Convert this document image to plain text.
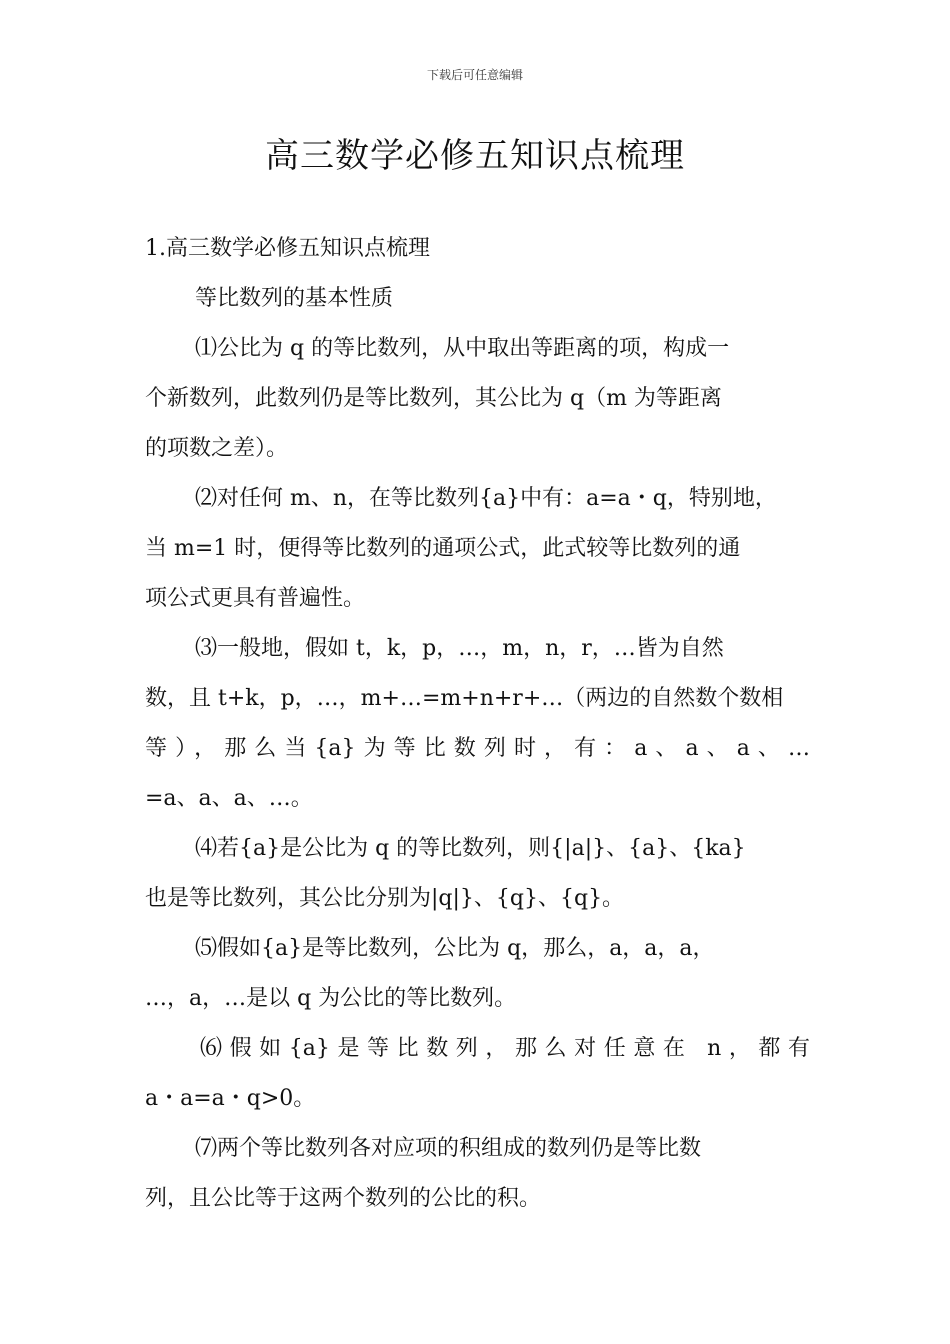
下载后可任意编辑
高三数学必修五知识点梳理
1.高三数学必修五知识点梳理
等比数列的基本性质
⑴公比为 q 的等比数列，从中取出等距离的项，构成一
个新数列，此数列仍是等比数列，其公比为 q（m 为等距离
的项数之差）。
⑵对任何 m、n，在等比数列{a}中有：a=a・q，特别地，
当 m=1 时，便得等比数列的通项公式，此式较等比数列的通
项公式更具有普遍性。
⑶一般地，假如 t，k，p，…，m，n，r，…皆为自然
数，且 t+k，p，…，m+…=m+n+r+…（两边的自然数个数相
等），那么当{a}为等比数列时，有：a、a、a、…
=a、a、a、…。
⑷若{a}是公比为 q 的等比数列，则{|a|}、{a}、{ka}
也是等比数列，其公比分别为|q|}、{q}、{q}。
⑸假如{a}是等比数列，公比为 q，那么，a，a，a，
…，a，…是以 q 为公比的等比数列。
⑹假如{a}是等比数列，那么对任意在 n，都有
a・a=a・q>0。
⑺两个等比数列各对应项的积组成的数列仍是等比数
列，且公比等于这两个数列的公比的积。
